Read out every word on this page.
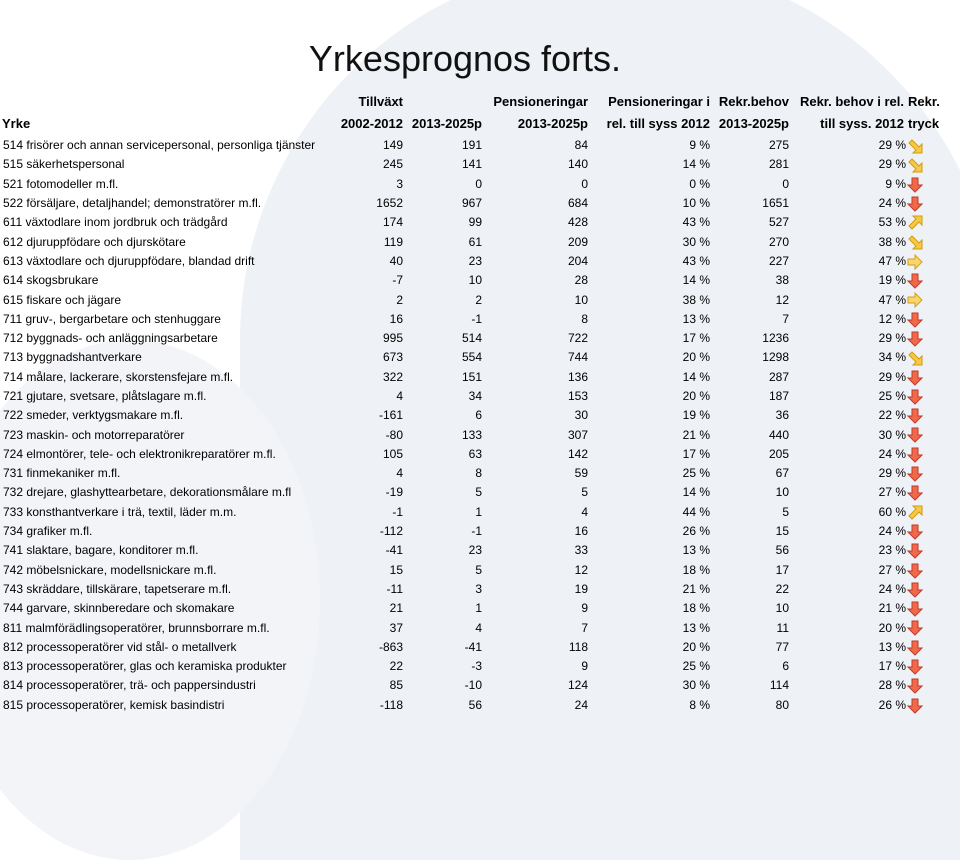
Yrkesprognos forts.
	Tillväxt		Pensioneringar	Pensioneringar i	Rekr.behov	Rekr. behov i rel.	Rekr.
Yrke	2002-2012	2013-2025p	2013-2025p	rel. till syss 2012	2013-2025p	till syss. 2012	tryck
514 frisörer och annan servicepersonal, personliga tjänster	149	191	84	9 %	275	29 %	
515 säkerhetspersonal	245	141	140	14 %	281	29 %	
521 fotomodeller m.fl.	3	0	0	0 %	0	9 %	
522 försäljare, detaljhandel; demonstratörer m.fl.	1652	967	684	10 %	1651	24 %	
611 växtodlare inom jordbruk och trädgård	174	99	428	43 %	527	53 %	
612 djuruppfödare och djurskötare	119	61	209	30 %	270	38 %	
613 växtodlare och djuruppfödare, blandad drift	40	23	204	43 %	227	47 %	
614 skogsbrukare	-7	10	28	14 %	38	19 %	
615 fiskare och jägare	2	2	10	38 %	12	47 %	
711 gruv-, bergarbetare och stenhuggare	16	-1	8	13 %	7	12 %	
712 byggnads- och anläggningsarbetare	995	514	722	17 %	1236	29 %	
713 byggnadshantverkare	673	554	744	20 %	1298	34 %	
714 målare, lackerare, skorstensfejare m.fl.	322	151	136	14 %	287	29 %	
721 gjutare, svetsare, plåtslagare m.fl.	4	34	153	20 %	187	25 %	
722 smeder, verktygsmakare m.fl.	-161	6	30	19 %	36	22 %	
723 maskin- och motorreparatörer	-80	133	307	21 %	440	30 %	
724 elmontörer, tele- och elektronikreparatörer m.fl.	105	63	142	17 %	205	24 %	
731 finmekaniker m.fl.	4	8	59	25 %	67	29 %	
732 drejare, glashyttearbetare, dekorationsmålare m.fl	-19	5	5	14 %	10	27 %	
733 konsthantverkare i trä, textil, läder m.m.	-1	1	4	44 %	5	60 %	
734 grafiker m.fl.	-112	-1	16	26 %	15	24 %	
741 slaktare, bagare, konditorer m.fl.	-41	23	33	13 %	56	23 %	
742 möbelsnickare, modellsnickare m.fl.	15	5	12	18 %	17	27 %	
743 skräddare, tillskärare, tapetserare m.fl.	-11	3	19	21 %	22	24 %	
744 garvare, skinnberedare och skomakare	21	1	9	18 %	10	21 %	
811 malmförädlingsoperatörer, brunnsborrare m.fl.	37	4	7	13 %	11	20 %	
812 processoperatörer vid stål- o metallverk	-863	-41	118	20 %	77	13 %	
813 processoperatörer, glas och keramiska produkter	22	-3	9	25 %	6	17 %	
814 processoperatörer, trä- och pappersindustri	85	-10	124	30 %	114	28 %	
815 processoperatörer, kemisk basindistri	-118	56	24	8 %	80	26 %	
